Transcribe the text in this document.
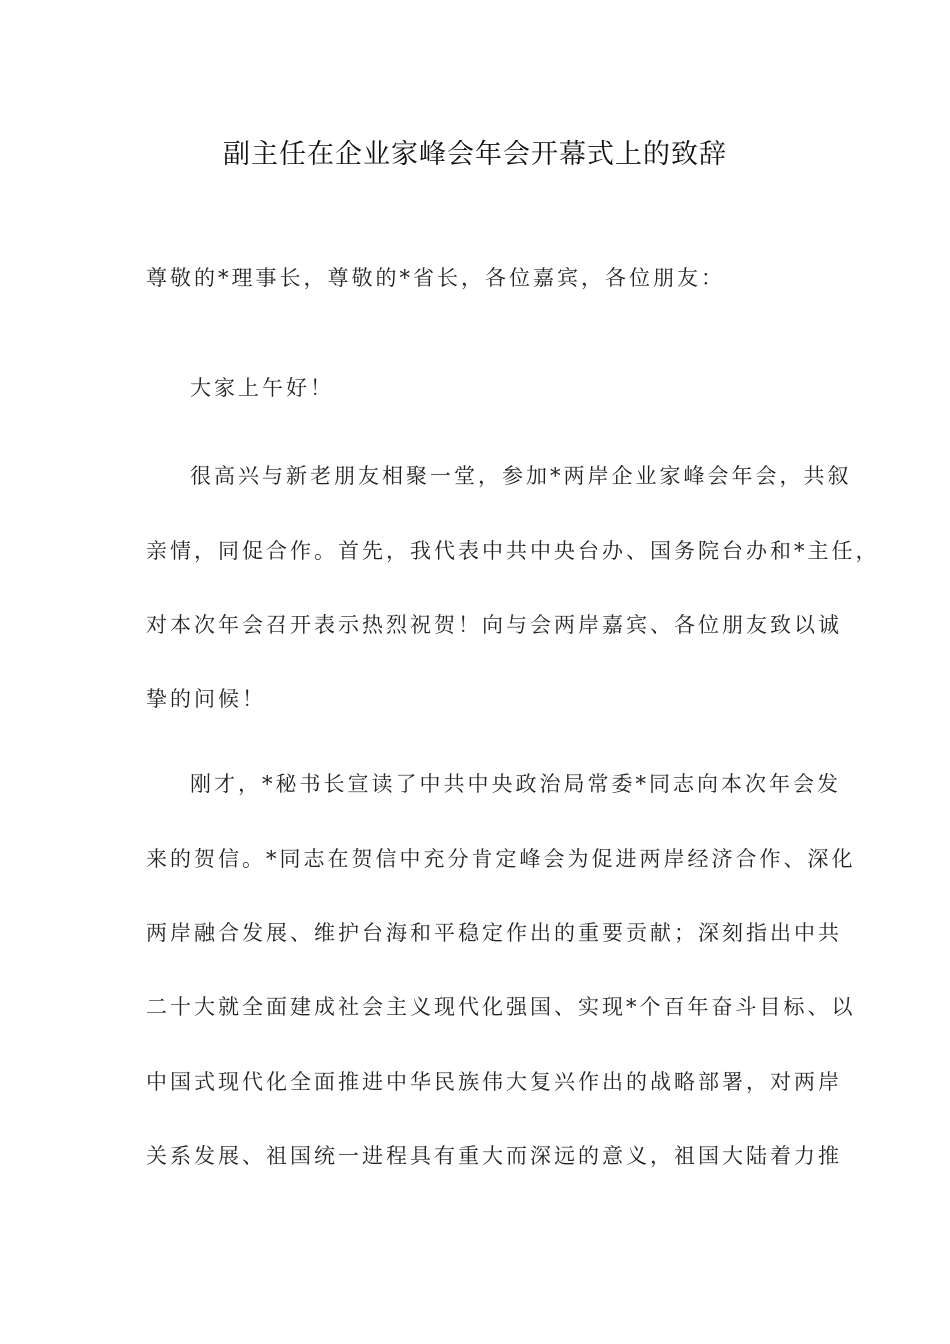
副主任在企业家峰会年会开幕式上的致辞
尊敬的*理事长，尊敬的*省长，各位嘉宾，各位朋友：
大家上午好！
很高兴与新老朋友相聚一堂，参加*两岸企业家峰会年会，共叙
亲情，同促合作。首先，我代表中共中央台办、国务院台办和*主任，
对本次年会召开表示热烈祝贺！向与会两岸嘉宾、各位朋友致以诚
挚的问候！
刚才，*秘书长宣读了中共中央政治局常委*同志向本次年会发
来的贺信。*同志在贺信中充分肯定峰会为促进两岸经济合作、深化
两岸融合发展、维护台海和平稳定作出的重要贡献；深刻指出中共
二十大就全面建成社会主义现代化强国、实现*个百年奋斗目标、以
中国式现代化全面推进中华民族伟大复兴作出的战略部署，对两岸
关系发展、祖国统一进程具有重大而深远的意义，祖国大陆着力推
